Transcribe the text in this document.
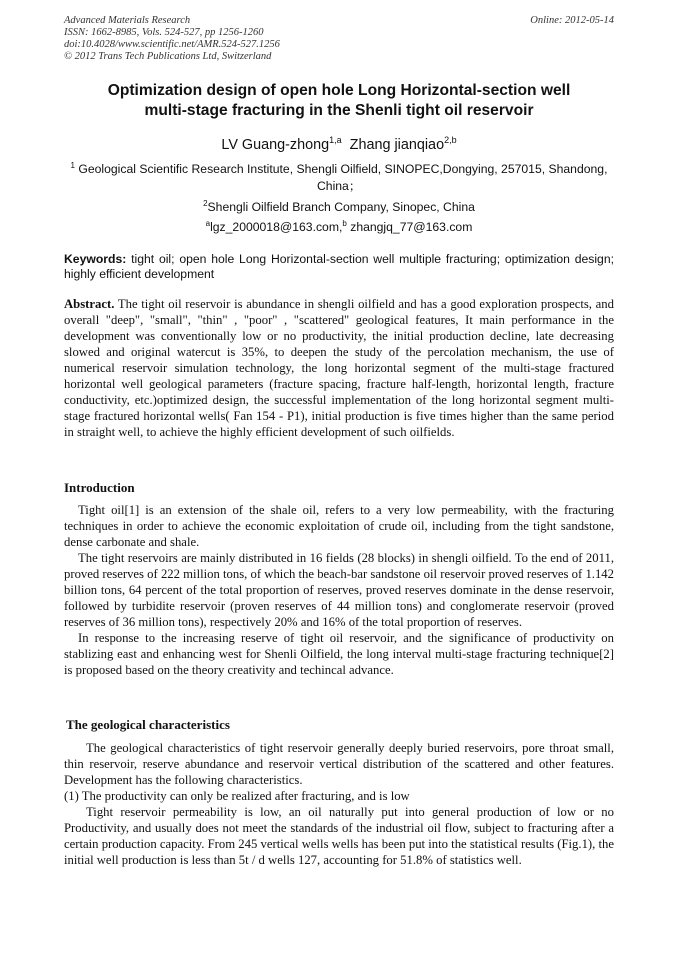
Advanced Materials Research
ISSN: 1662-8985, Vols. 524-527, pp 1256-1260
doi:10.4028/www.scientific.net/AMR.524-527.1256
© 2012 Trans Tech Publications Ltd, Switzerland
Online: 2012-05-14
Optimization design of open hole Long Horizontal-section well
multi-stage fracturing in the Shenli tight oil reservoir
LV Guang-zhong$^{1,a}$ Zhang jianqiao$^{2,b}$
$^1$ Geological Scientific Research Institute, Shengli Oilfield, SINOPEC,Dongying, 257015, Shandong, China；
$^2$Shengli Oilfield Branch Company, Sinopec, China
$^a$lgz_2000018@163.com,$^b$ zhangjq_77@163.com
Keywords: tight oil; open hole Long Horizontal-section well multiple fracturing; optimization design; highly efficient development

Abstract. The tight oil reservoir is abundance in shengli oilfield and has a good exploration prospects, and overall "deep", "small", "thin" , "poor" , "scattered" geological features, It main performance in the development was conventionally low or no productivity, the initial production decline, late decreasing slowed and original watercut is 35%, to deepen the study of the percolation mechanism, the use of numerical reservoir simulation technology, the long horizontal segment of the multi-stage fractured horizontal well geological parameters (fracture spacing, fracture half-length, horizontal length, fracture conductivity, etc.)optimized design, the successful implementation of the long horizontal segment multi-stage fractured horizontal wells( Fan 154 - P1), initial production is five times higher than the same period in straight well, to achieve the highly efficient development of such oilfields.

Introduction

Tight oil[1] is an extension of the shale oil, refers to a very low permeability, with the fracturing techniques in order to achieve the economic exploitation of crude oil, including from the tight sandstone, dense carbonate and shale.

The tight reservoirs are mainly distributed in 16 fields (28 blocks) in shengli oilfield. To the end of 2011, proved reserves of 222 million tons, of which the beach-bar sandstone oil reservoir proved reserves of 1.142 billion tons, 64 percent of the total proportion of reserves, proved reserves dominate in the dense reservoir, followed by turbidite reservoir (proven reserves of 44 million tons) and conglomerate reservoir (proved reserves of 36 million tons), respectively 20% and 16% of the total proportion of reserves.

In response to the increasing reserve of tight oil reservoir, and the significance of productivity on stablizing east and enhancing west for Shenli Oilfield, the long interval multi-stage fracturing technique[2] is proposed based on the theory creativity and techincal advance.

The geological characteristics

The geological characteristics of tight reservoir generally deeply buried reservoirs, pore throat small, thin reservoir, reserve abundance and reservoir vertical distribution of the scattered and other features. Development has the following characteristics.

(1) The productivity can only be realized after fracturing, and is low

Tight reservoir permeability is low, an oil naturally put into general production of low or no Productivity, and usually does not meet the standards of the industrial oil flow, subject to fracturing after a certain production capacity. From 245 vertical wells wells has been put into the statistical results (Fig.1), the initial well production is less than 5t / d wells 127, accounting for 51.8% of statistics well.
